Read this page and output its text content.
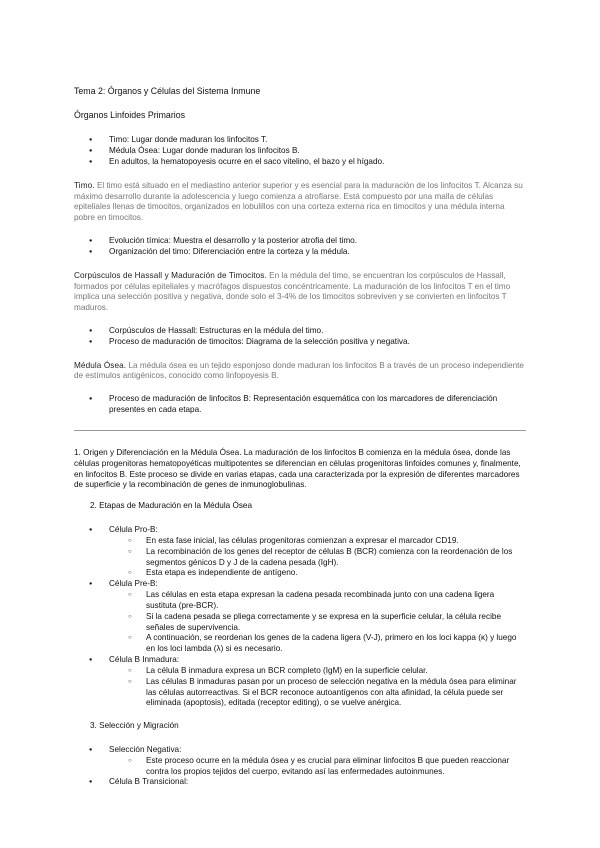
Tema 2: Órganos y Células del Sistema Inmune
Órganos Linfoides Primarios
● Timo: Lugar donde maduran los linfocitos T.
● Médula Ósea: Lugar donde maduran los linfocitos B.
● En adultos, la hematopoyesis ocurre en el saco vitelino, el bazo y el hígado.

Timo. El timo está situado en el mediastino anterior superior y es esencial para la maduración de los linfocitos T. Alcanza su máximo desarrollo durante la adolescencia y luego comienza a atrofiarse. Está compuesto por una malla de células epiteliales llenas de timocitos, organizados en lobulillos con una corteza externa rica en timocitos y una médula interna pobre en timocitos.

● Evolución tímica: Muestra el desarrollo y la posterior atrofia del timo.
● Organización del timo: Diferenciación entre la corteza y la médula.

Corpúsculos de Hassall y Maduración de Timocitos. En la médula del timo, se encuentran los corpúsculos de Hassall, formados por células epiteliales y macrófagos dispuestos concéntricamente. La maduración de los linfocitos T en el timo implica una selección positiva y negativa, donde solo el 3-4% de los timocitos sobreviven y se convierten en linfocitos T maduros.

● Corpúsculos de Hassall: Estructuras en la médula del timo.
● Proceso de maduración de timocitos: Diagrama de la selección positiva y negativa.

Médula Ósea. La médula ósea es un tejido esponjoso donde maduran los linfocitos B a través de un proceso independiente de estímulos antigénicos, conocido como linfopoyesis B.

● Proceso de maduración de linfocitos B: Representación esquemática con los marcadores de diferenciación presentes en cada etapa.

1. Origen y Diferenciación en la Médula Ósea. La maduración de los linfocitos B comienza en la médula ósea, donde las células progenitoras hematopoyéticas multipotentes se diferencian en células progenitoras linfoides comunes y, finalmente, en linfocitos B. Este proceso se divide en varias etapas, cada una caracterizada por la expresión de diferentes marcadores de superficie y la recombinación de genes de inmunoglobulinas.

2. Etapas de Maduración en la Médula Ósea
● Célula Pro-B:
○ En esta fase inicial, las células progenitoras comienzan a expresar el marcador CD19.
○ La recombinación de los genes del receptor de células B (BCR) comienza con la reordenación de los segmentos génicos D y J de la cadena pesada (IgH).
○ Esta etapa es independiente de antígeno.
● Célula Pre-B:
○ Las células en esta etapa expresan la cadena pesada recombinada junto con una cadena ligera sustituta (pre-BCR).
○ Si la cadena pesada se pliega correctamente y se expresa en la superficie celular, la célula recibe señales de supervivencia.
○ A continuación, se reordenan los genes de la cadena ligera (V-J), primero en los loci kappa (κ) y luego en los loci lambda (λ) si es necesario.
● Célula B Inmadura:
○ La célula B inmadura expresa un BCR completo (IgM) en la superficie celular.
○ Las células B inmaduras pasan por un proceso de selección negativa en la médula ósea para eliminar las células autorreactivas. Si el BCR reconoce autoantígenos con alta afinidad, la célula puede ser eliminada (apoptosis), editada (receptor editing), o se vuelve anérgica.
3. Selección y Migración
● Selección Negativa:
○ Este proceso ocurre en la médula ósea y es crucial para eliminar linfocitos B que pueden reaccionar contra los propios tejidos del cuerpo, evitando así las enfermedades autoinmunes.
● Célula B Transicional:
